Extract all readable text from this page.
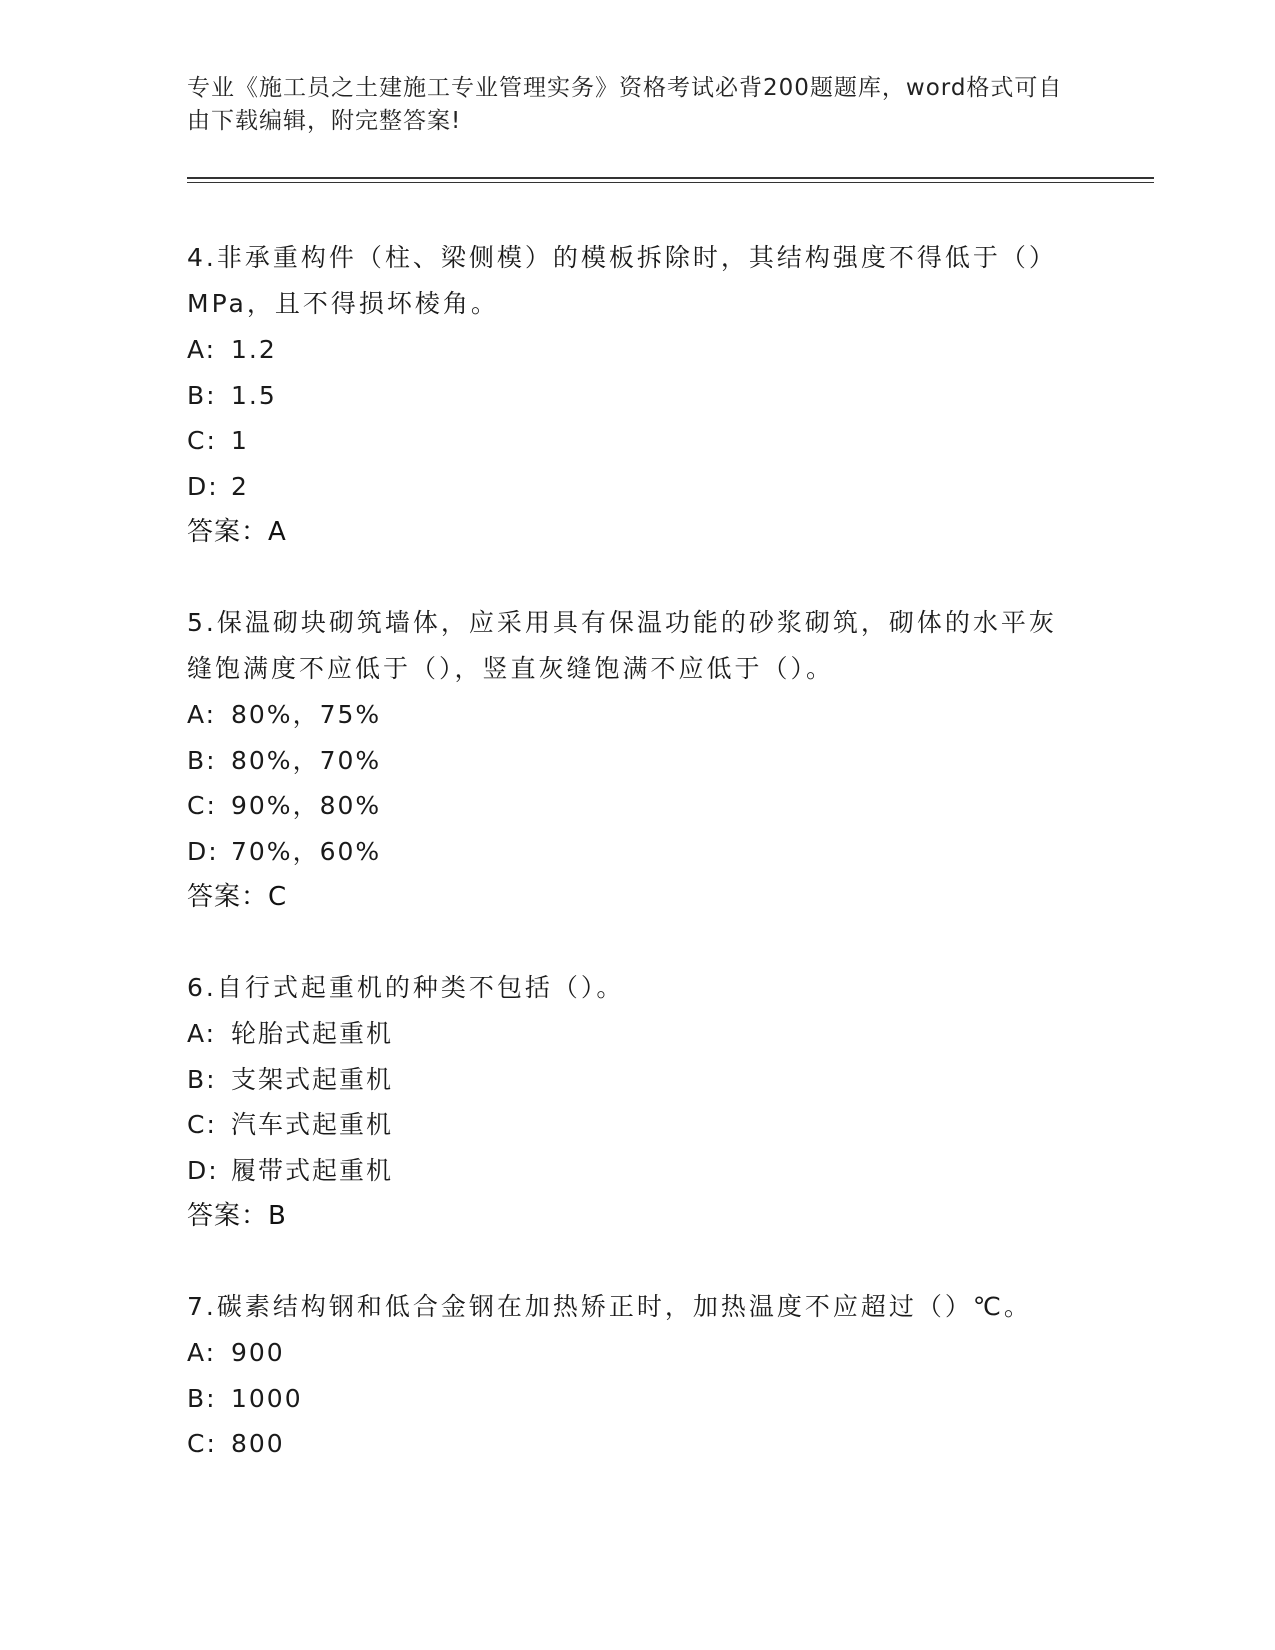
专业《施工员之土建施工专业管理实务》资格考试必背200题题库，word格式可自由下载编辑，附完整答案!

4.非承重构件（柱、梁侧模）的模板拆除时，其结构强度不得低于（）MPa，且不得损坏棱角。

A: 1.2
B: 1.5
C: 1
D: 2
答案：A

5.保温砌块砌筑墙体，应采用具有保温功能的砂浆砌筑，砌体的水平灰缝饱满度不应低于（），竖直灰缝饱满不应低于（）。

A: 80%，75%
B: 80%，70%
C: 90%，80%
D: 70%，60%
答案：C

6.自行式起重机的种类不包括（）。

A: 轮胎式起重机
B: 支架式起重机
C: 汽车式起重机
D: 履带式起重机
答案：B

7.碳素结构钢和低合金钢在加热矫正时，加热温度不应超过（）℃。

A: 900
B: 1000
C: 800
